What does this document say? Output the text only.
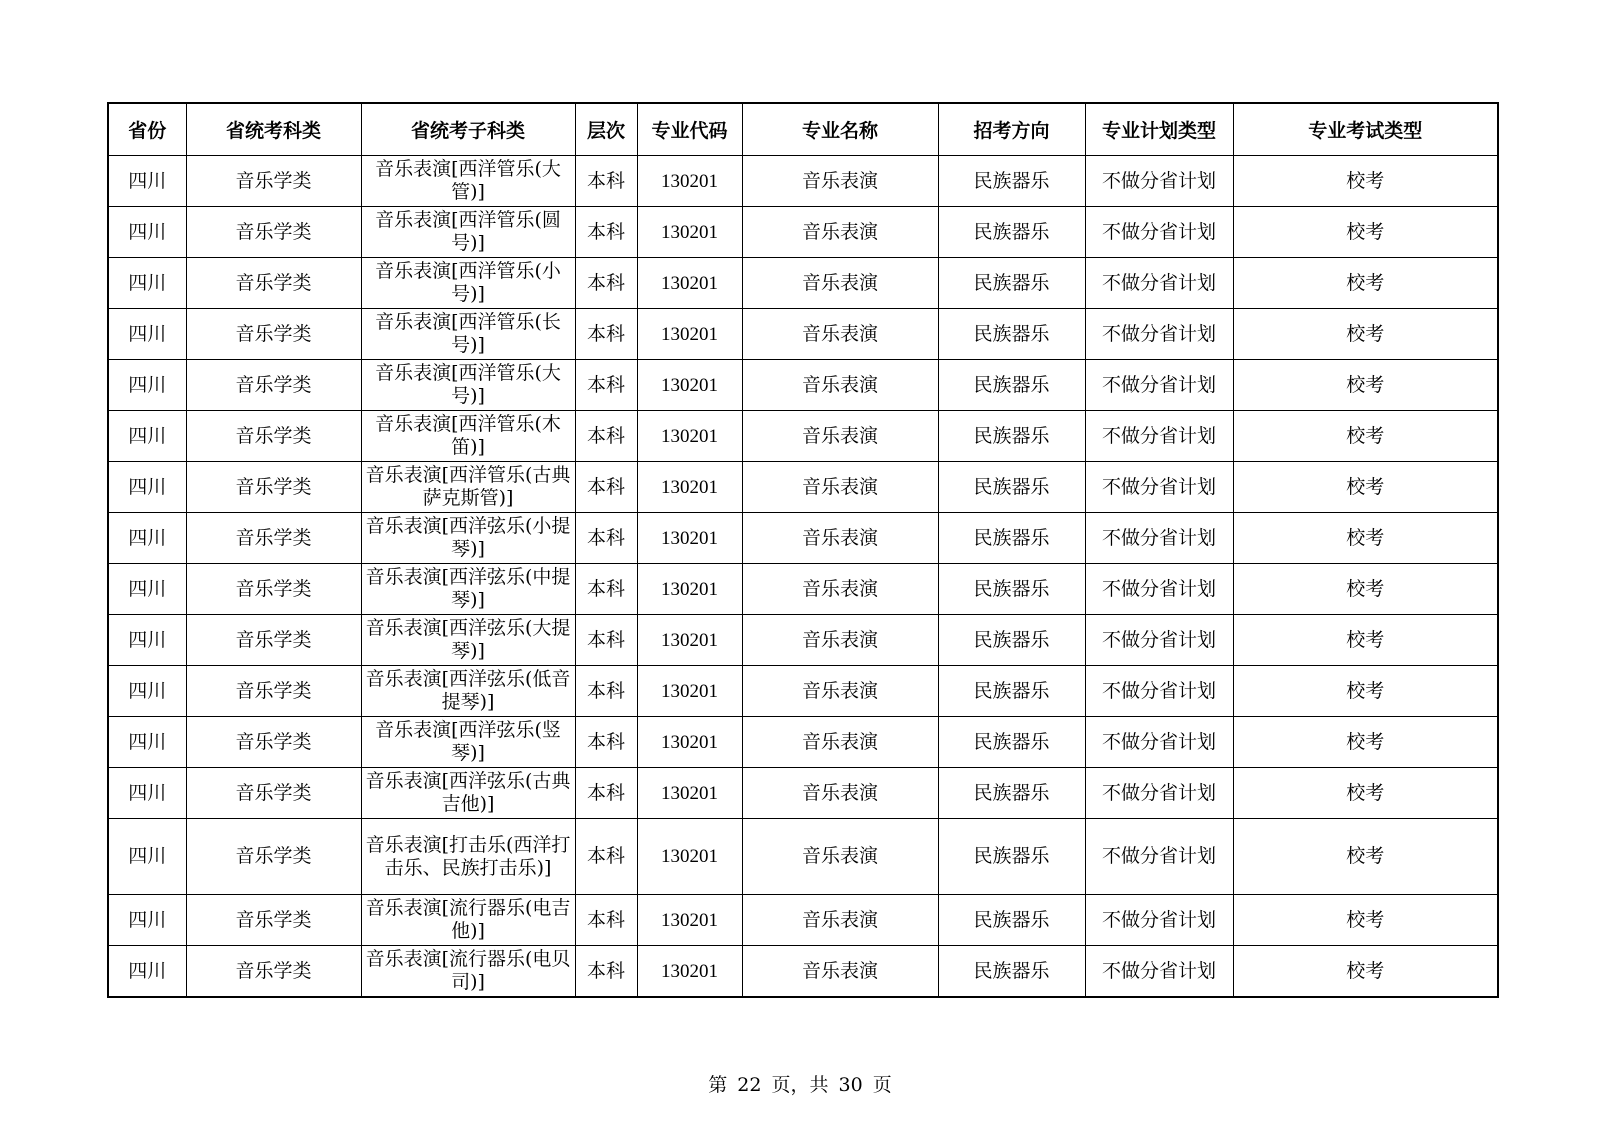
省份	省统考科类	省统考子科类	层次	专业代码	专业名称	招考方向	专业计划类型	专业考试类型
四川	音乐学类	音乐表演[西洋管乐(大管)]	本科	130201	音乐表演	民族器乐	不做分省计划	校考
四川	音乐学类	音乐表演[西洋管乐(圆号)]	本科	130201	音乐表演	民族器乐	不做分省计划	校考
四川	音乐学类	音乐表演[西洋管乐(小号)]	本科	130201	音乐表演	民族器乐	不做分省计划	校考
四川	音乐学类	音乐表演[西洋管乐(长号)]	本科	130201	音乐表演	民族器乐	不做分省计划	校考
四川	音乐学类	音乐表演[西洋管乐(大号)]	本科	130201	音乐表演	民族器乐	不做分省计划	校考
四川	音乐学类	音乐表演[西洋管乐(木笛)]	本科	130201	音乐表演	民族器乐	不做分省计划	校考
四川	音乐学类	音乐表演[西洋管乐(古典萨克斯管)]	本科	130201	音乐表演	民族器乐	不做分省计划	校考
四川	音乐学类	音乐表演[西洋弦乐(小提琴)]	本科	130201	音乐表演	民族器乐	不做分省计划	校考
四川	音乐学类	音乐表演[西洋弦乐(中提琴)]	本科	130201	音乐表演	民族器乐	不做分省计划	校考
四川	音乐学类	音乐表演[西洋弦乐(大提琴)]	本科	130201	音乐表演	民族器乐	不做分省计划	校考
四川	音乐学类	音乐表演[西洋弦乐(低音提琴)]	本科	130201	音乐表演	民族器乐	不做分省计划	校考
四川	音乐学类	音乐表演[西洋弦乐(竖琴)]	本科	130201	音乐表演	民族器乐	不做分省计划	校考
四川	音乐学类	音乐表演[西洋弦乐(古典吉他)]	本科	130201	音乐表演	民族器乐	不做分省计划	校考
四川	音乐学类	音乐表演[打击乐(西洋打击乐、民族打击乐)]	本科	130201	音乐表演	民族器乐	不做分省计划	校考
四川	音乐学类	音乐表演[流行器乐(电吉他)]	本科	130201	音乐表演	民族器乐	不做分省计划	校考
四川	音乐学类	音乐表演[流行器乐(电贝司)]	本科	130201	音乐表演	民族器乐	不做分省计划	校考
第 22 页，共 30 页
